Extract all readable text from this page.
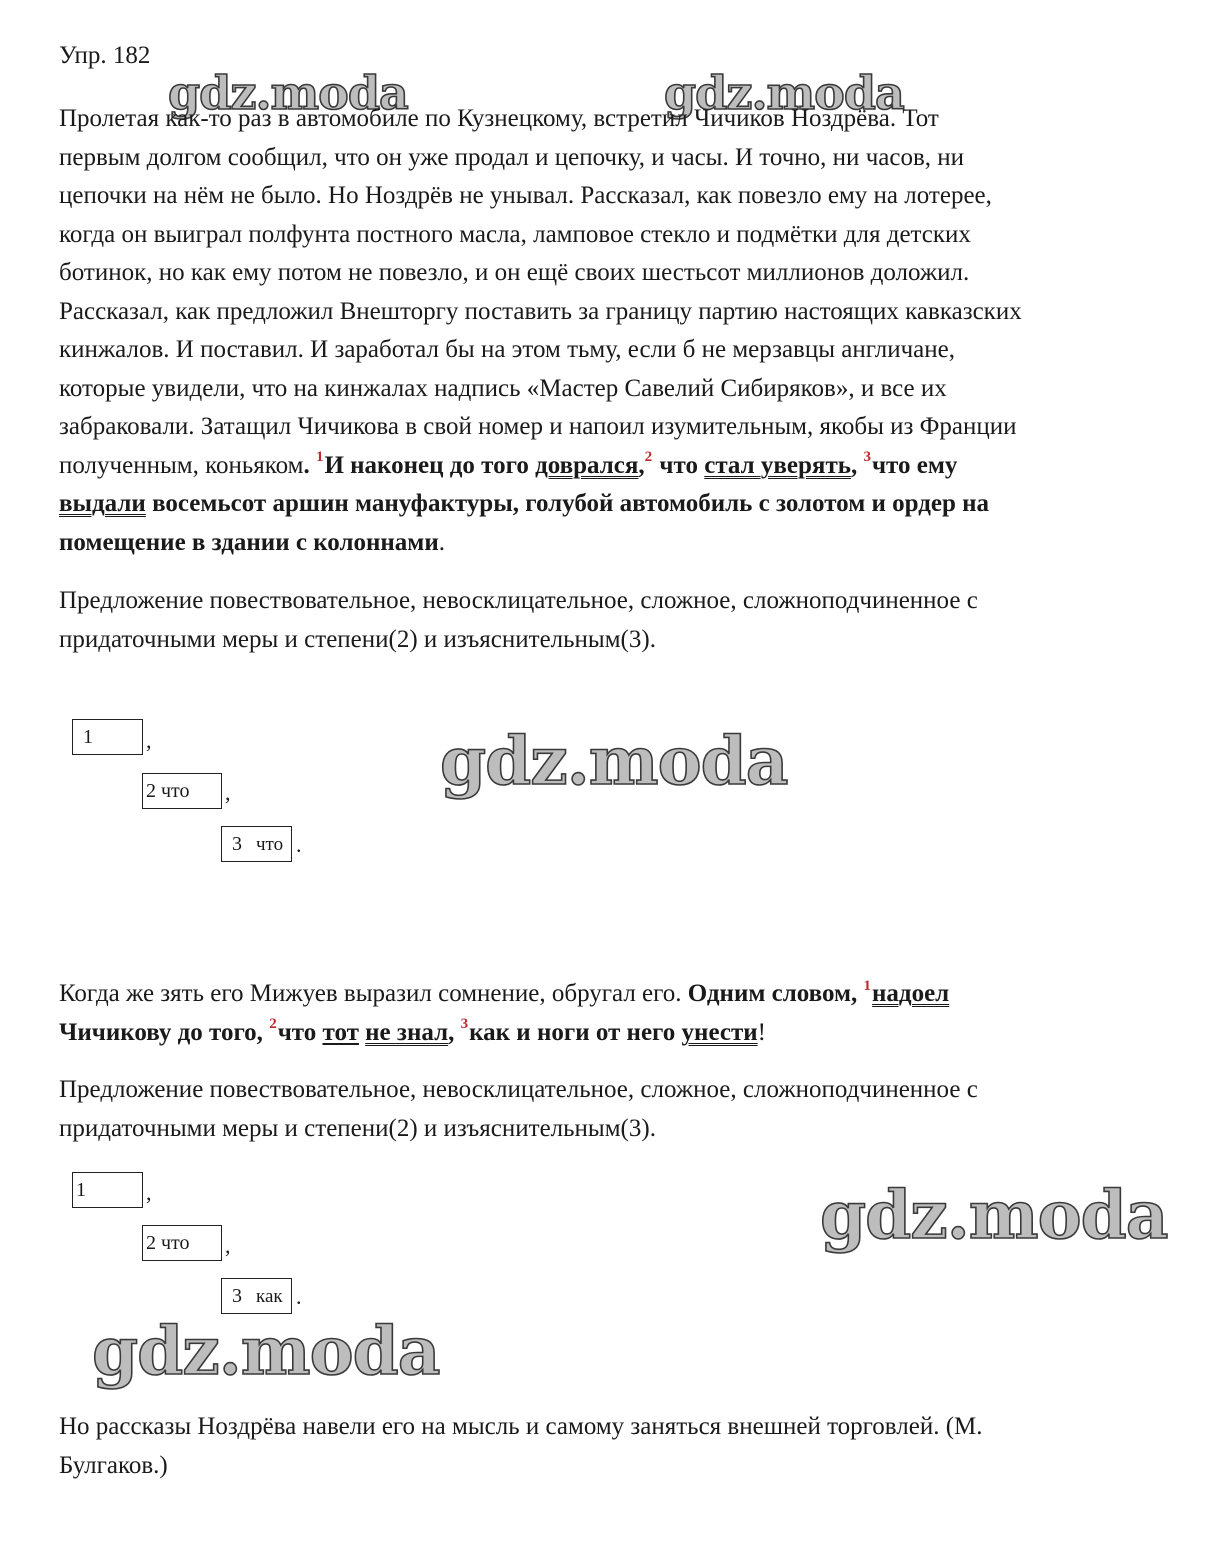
gdz.moda	gdz.moda
gdz.moda
gdz.moda
gdz.moda
Упр. 182
Пролетая как-то раз в автомобиле по Кузнецкому, встретил Чичиков Ноздрёва. Тот
первым долгом сообщил, что он уже продал и цепочку, и часы. И точно, ни часов, ни
цепочки на нём не было. Но Ноздрёв не унывал. Рассказал, как повезло ему на лотерее,
когда он выиграл полфунта постного масла, ламповое стекло и подмётки для детских
ботинок, но как ему потом не повезло, и он ещё своих шестьсот миллионов доложил.
Рассказал, как предложил Внешторгу поставить за границу партию настоящих кавказских
кинжалов. И поставил. И заработал бы на этом тьму, если б не мерзавцы англичане,
которые увидели, что на кинжалах надпись «Мастер Савелий Сибиряков», и все их
забраковали. Затащил Чичикова в свой номер и напоил изумительным, якобы из Франции
полученным, коньяком. $^1$И наконец до того доврался,$^2$ что стал уверять, $^3$что ему
выдали восемьсот аршин мануфактуры, голубой автомобиль с золотом и ордер на
помещение в здании с колоннами.
Предложение повествовательное, невосклицательное, сложное, сложноподчиненное с
придаточными меры и степени(2) и изъяснительным(3).
1	,
2 что	,
3 что .
Когда же зять его Мижуев выразил сомнение, обругал его. Одним словом, $^1$надоел
Чичикову до того, $^2$что тот не знал, $^3$как и ноги от него унести!
Предложение повествовательное, невосклицательное, сложное, сложноподчиненное с
придаточными меры и степени(2) и изъяснительным(3).
1	,
2 что	,
3 как .
Но рассказы Ноздрёва навели его на мысль и самому заняться внешней торговлей. (М.
Булгаков.)
